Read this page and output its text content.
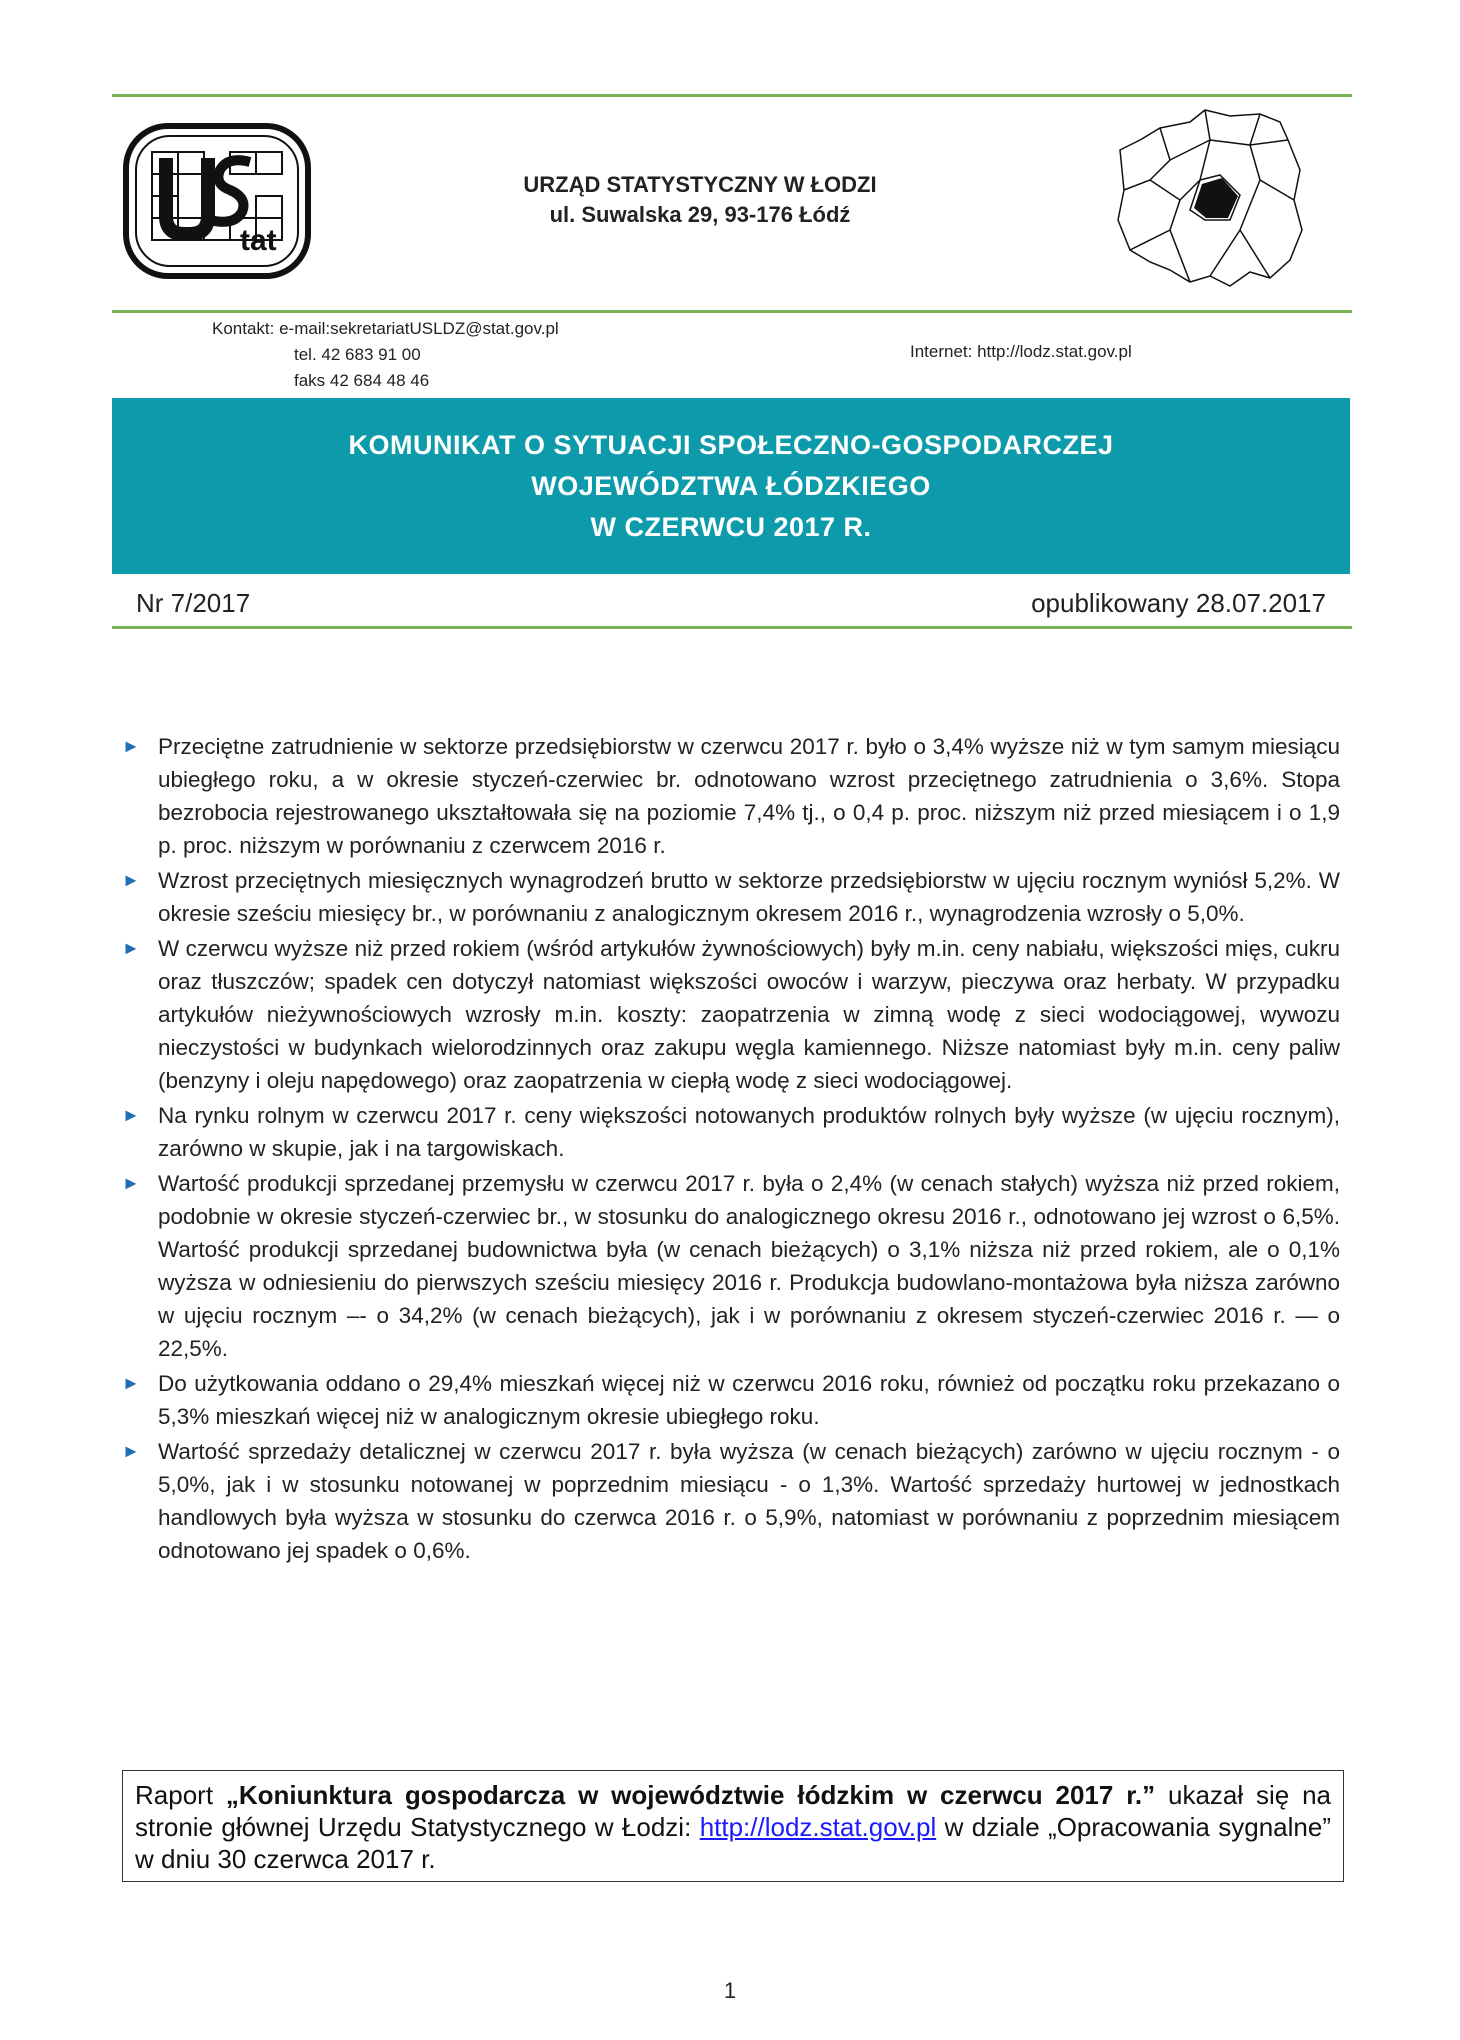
tat
URZĄD STATYSTYCZNY W ŁODZI
ul. Suwalska 29, 93-176 Łódź
Kontakt: e-mail:sekretariatUSLDZ@stat.gov.pl
tel. 42 683 91 00
faks 42 684 48 46
Internet: http://lodz.stat.gov.pl
KOMUNIKAT O SYTUACJI SPOŁECZNO-GOSPODARCZEJ
WOJEWÓDZTWA ŁÓDZKIEGO
W CZERWCU 2017 R.
Nr 7/2017	opublikowany 28.07.2017
► Przeciętne zatrudnienie w sektorze przedsiębiorstw w czerwcu 2017 r. było o 3,4% wyższe niż w tym samym miesiącu ubiegłego roku, a w okresie styczeń-czerwiec br. odnotowano wzrost przeciętnego zatrudnienia o 3,6%. Stopa bezrobocia rejestrowanego ukształtowała się na poziomie 7,4% tj., o 0,4 p. proc. niższym niż przed miesiącem i o 1,9 p. proc. niższym w porównaniu z czerwcem 2016 r.
► Wzrost przeciętnych miesięcznych wynagrodzeń brutto w sektorze przedsiębiorstw w ujęciu rocznym wyniósł 5,2%. W okresie sześciu miesięcy br., w porównaniu z analogicznym okresem 2016 r., wynagrodzenia wzrosły o 5,0%.
► W czerwcu wyższe niż przed rokiem (wśród artykułów żywnościowych) były m.in. ceny nabiału, większości mięs, cukru oraz tłuszczów; spadek cen dotyczył natomiast większości owoców i warzyw, pieczywa oraz herbaty. W przypadku artykułów nieżywnościowych wzrosły m.in. koszty: zaopatrzenia w zimną wodę z sieci wodociągowej, wywozu nieczystości w budynkach wielorodzinnych oraz zakupu węgla kamiennego. Niższe natomiast były m.in. ceny paliw (benzyny i oleju napędowego) oraz zaopatrzenia w ciepłą wodę z sieci wodociągowej.
► Na rynku rolnym w czerwcu 2017 r. ceny większości notowanych produktów rolnych były wyższe (w ujęciu rocznym), zarówno w skupie, jak i na targowiskach.
► Wartość produkcji sprzedanej przemysłu w czerwcu 2017 r. była o 2,4% (w cenach stałych) wyższa niż przed rokiem, podobnie w okresie styczeń-czerwiec br., w stosunku do analogicznego okresu 2016 r., odnotowano jej wzrost o 6,5%. Wartość produkcji sprzedanej budownictwa była (w cenach bieżących) o 3,1% niższa niż przed rokiem, ale o 0,1% wyższa w odniesieniu do pierwszych sześciu miesięcy 2016 r. Produkcja budowlano-montażowa była niższa zarówno w ujęciu rocznym –- o 34,2% (w cenach bieżących), jak i w porównaniu z okresem styczeń-czerwiec 2016 r. — o 22,5%.
► Do użytkowania oddano o 29,4% mieszkań więcej niż w czerwcu 2016 roku, również od początku roku przekazano o 5,3% mieszkań więcej niż w analogicznym okresie ubiegłego roku.
► Wartość sprzedaży detalicznej w czerwcu 2017 r. była wyższa (w cenach bieżących) zarówno w ujęciu rocznym - o 5,0%, jak i w stosunku notowanej w poprzednim miesiącu - o 1,3%. Wartość sprzedaży hurtowej w jednostkach handlowych była wyższa w stosunku do czerwca 2016 r. o 5,9%, natomiast w porównaniu z poprzednim miesiącem odnotowano jej spadek o 0,6%.
Raport „Koniunktura gospodarcza w województwie łódzkim w czerwcu 2017 r.” ukazał się na stronie głównej Urzędu Statystycznego w Łodzi: http://lodz.stat.gov.pl w dziale „Opracowania sygnalne” w dniu 30 czerwca 2017 r.
1
